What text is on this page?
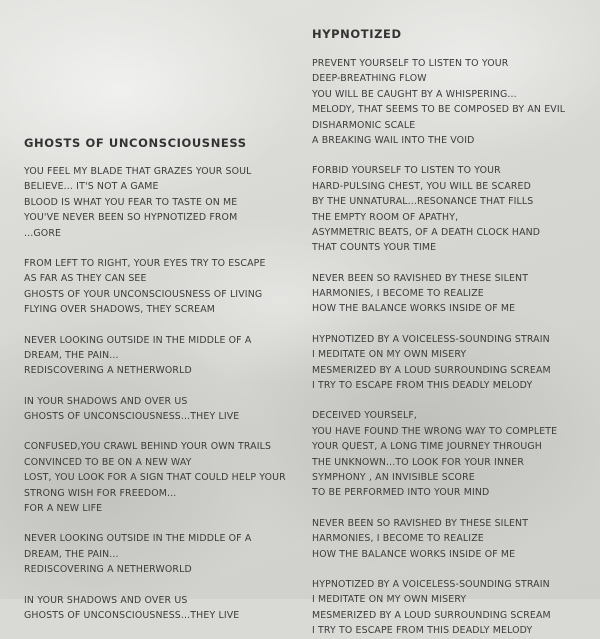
GHOSTS OF UNCONSCIOUSNESS
YOU FEEL MY BLADE THAT GRAZES YOUR SOUL
BELIEVE... IT'S NOT A GAME
BLOOD IS WHAT YOU FEAR TO TASTE ON ME
YOU'VE NEVER BEEN SO HYPNOTIZED FROM
...GORE
FROM LEFT TO RIGHT, YOUR EYES TRY TO ESCAPE
AS FAR AS THEY CAN SEE
GHOSTS OF YOUR UNCONSCIOUSNESS OF LIVING
FLYING OVER SHADOWS, THEY SCREAM
NEVER LOOKING OUTSIDE IN THE MIDDLE OF A
DREAM, THE PAIN...
REDISCOVERING A NETHERWORLD
IN YOUR SHADOWS AND OVER US
GHOSTS OF UNCONSCIOUSNESS...THEY LIVE
CONFUSED,YOU CRAWL BEHIND YOUR OWN TRAILS
CONVINCED TO BE ON A NEW WAY
LOST, YOU LOOK FOR A SIGN THAT COULD HELP YOUR
STRONG WISH FOR FREEDOM...
FOR A NEW LIFE
NEVER LOOKING OUTSIDE IN THE MIDDLE OF A
DREAM, THE PAIN...
REDISCOVERING A NETHERWORLD
IN YOUR SHADOWS AND OVER US
GHOSTS OF UNCONSCIOUSNESS...THEY LIVE
HYPNOTIZED
PREVENT YOURSELF TO LISTEN TO YOUR
DEEP-BREATHING FLOW
YOU WILL BE CAUGHT BY A WHISPERING...
MELODY, THAT SEEMS TO BE COMPOSED BY AN EVIL
DISHARMONIC SCALE
A BREAKING WAIL INTO THE VOID
FORBID YOURSELF TO LISTEN TO YOUR
HARD-PULSING CHEST, YOU WILL BE SCARED
BY THE UNNATURAL...RESONANCE THAT FILLS
THE EMPTY ROOM OF APATHY,
ASYMMETRIC BEATS, OF A DEATH CLOCK HAND
THAT COUNTS YOUR TIME
NEVER BEEN SO RAVISHED BY THESE SILENT
HARMONIES, I BECOME TO REALIZE
HOW THE BALANCE WORKS INSIDE OF ME
HYPNOTIZED BY A VOICELESS-SOUNDING STRAIN
I MEDITATE ON MY OWN MISERY
MESMERIZED BY A LOUD SURROUNDING SCREAM
I TRY TO ESCAPE FROM THIS DEADLY MELODY
DECEIVED YOURSELF,
YOU HAVE FOUND THE WRONG WAY TO COMPLETE
YOUR QUEST, A LONG TIME JOURNEY THROUGH
THE UNKNOWN...TO LOOK FOR YOUR INNER
SYMPHONY , AN INVISIBLE SCORE
TO BE PERFORMED INTO YOUR MIND
NEVER BEEN SO RAVISHED BY THESE SILENT
HARMONIES, I BECOME TO REALIZE
HOW THE BALANCE WORKS INSIDE OF ME
HYPNOTIZED BY A VOICELESS-SOUNDING STRAIN
I MEDITATE ON MY OWN MISERY
MESMERIZED BY A LOUD SURROUNDING SCREAM
I TRY TO ESCAPE FROM THIS DEADLY MELODY
